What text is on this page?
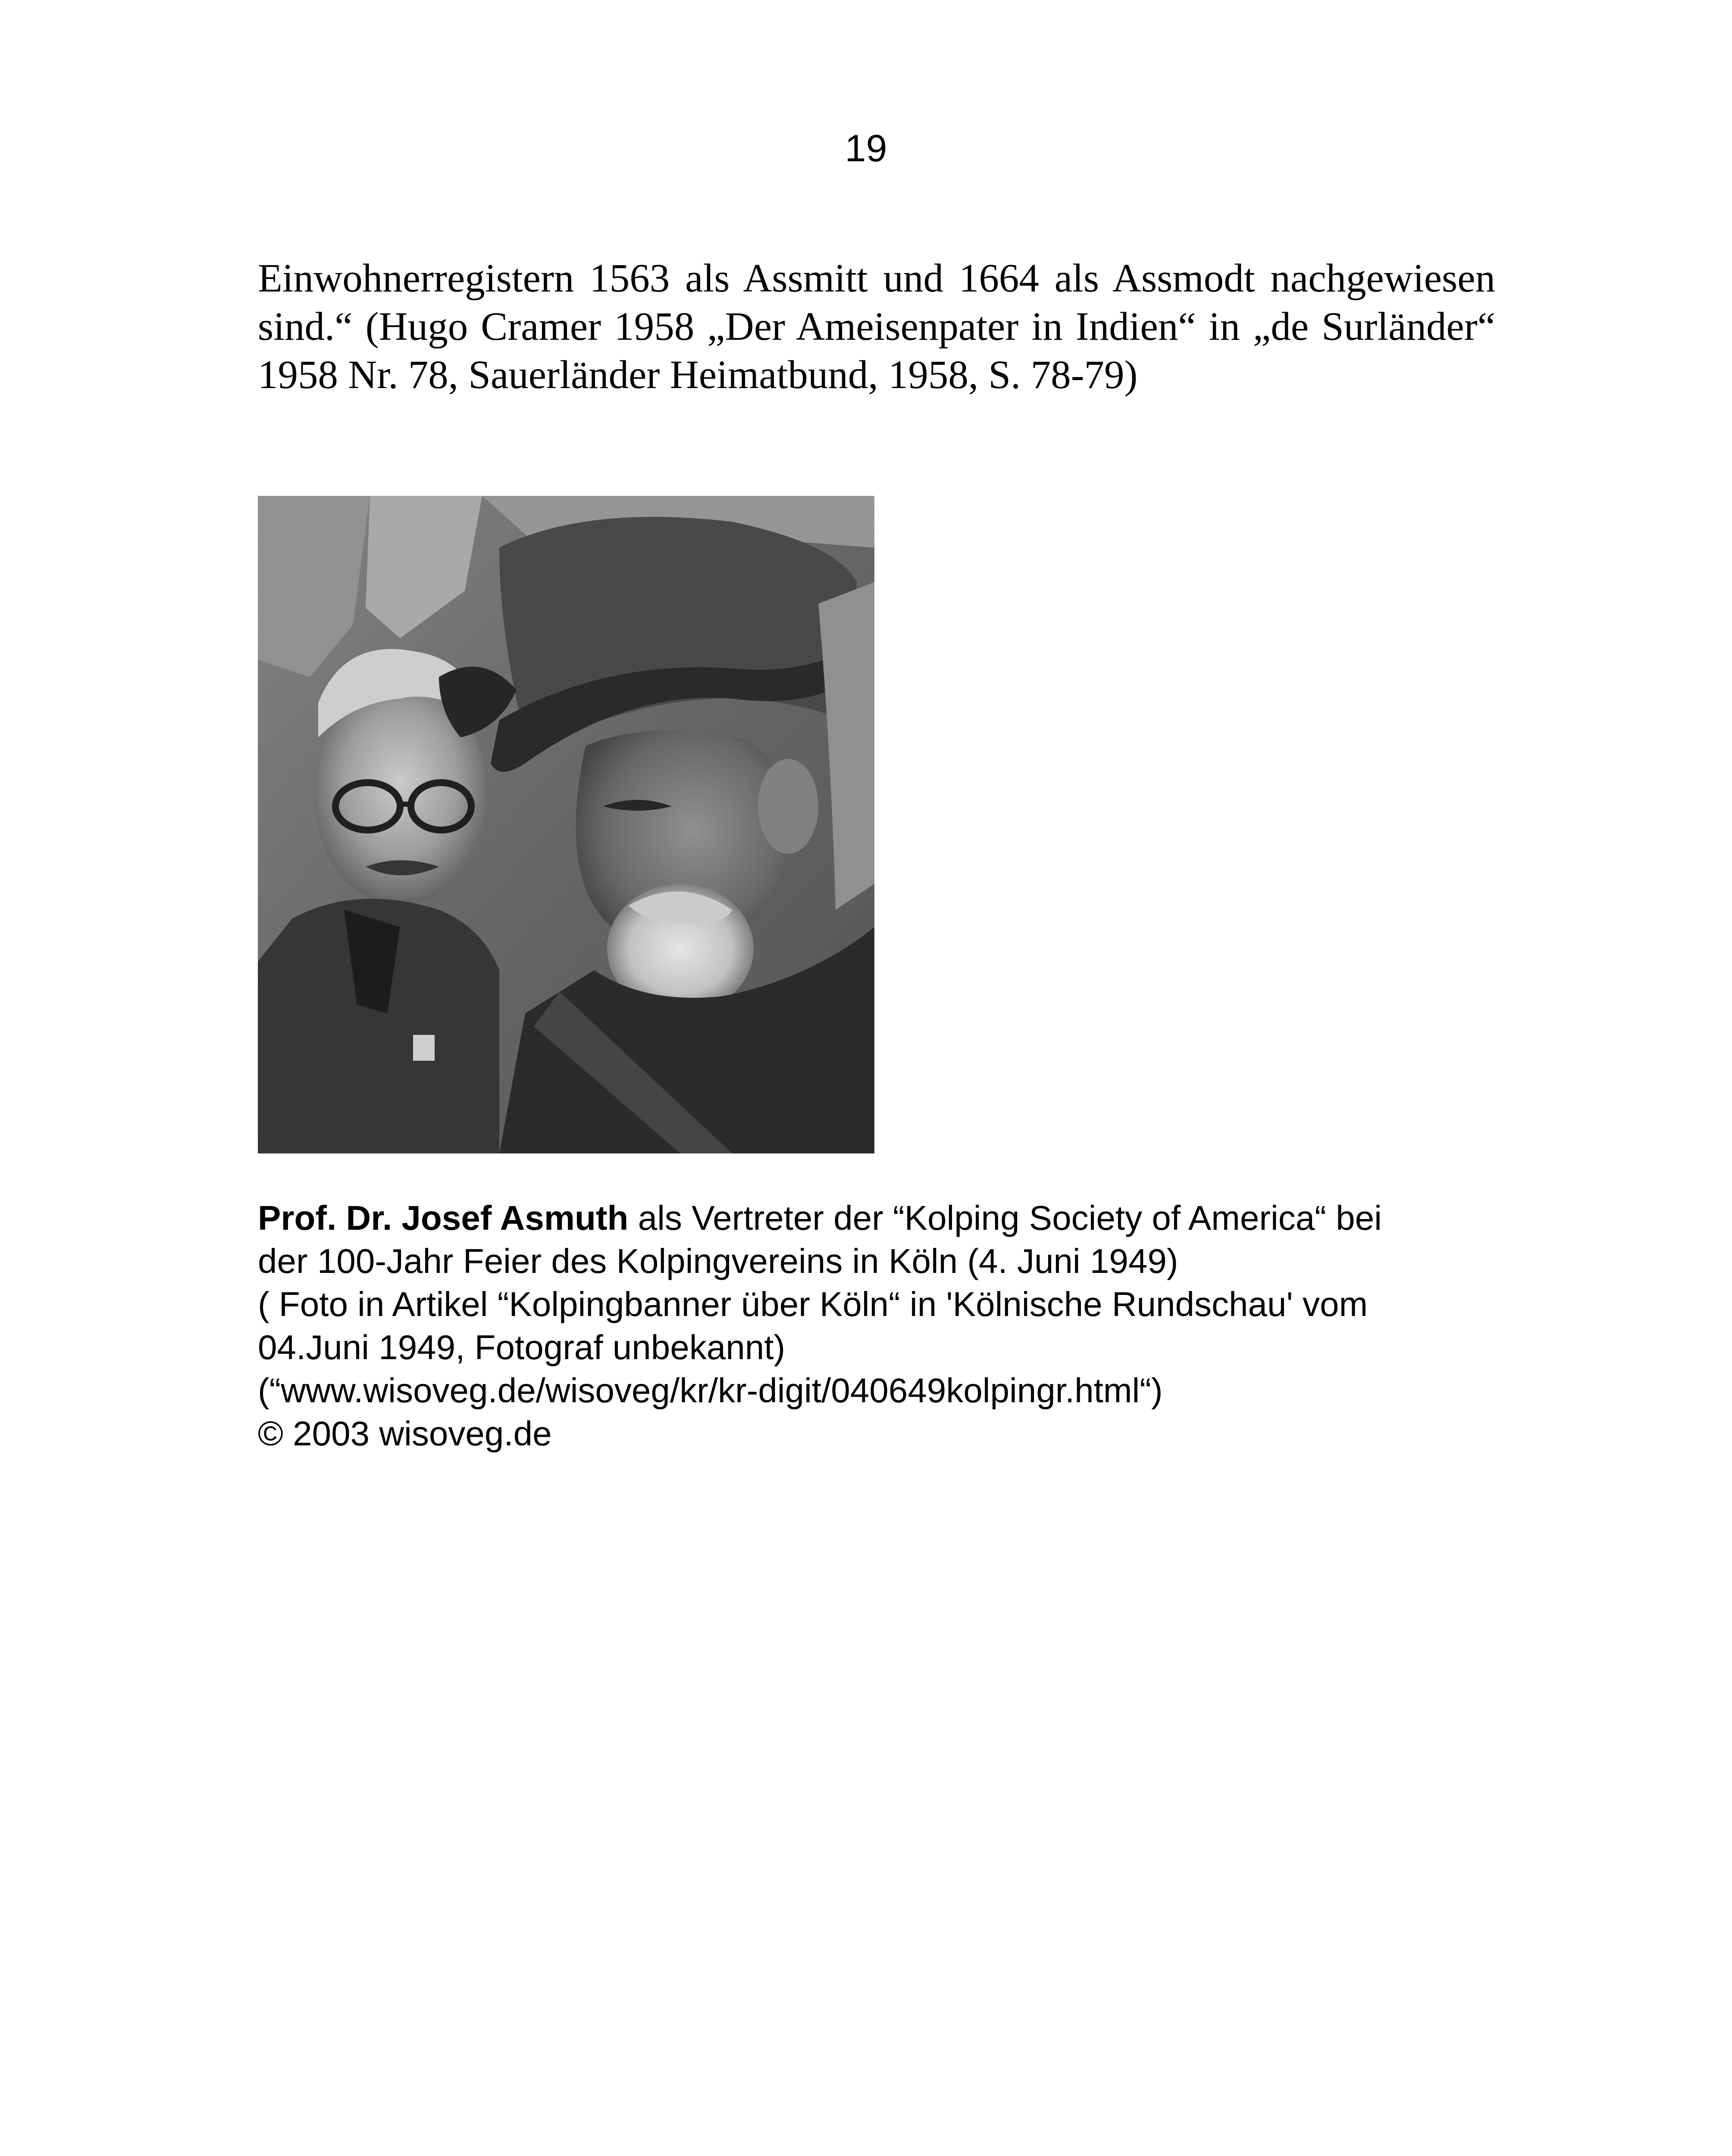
19
Einwohnerregistern 1563 als Assmitt und 1664 als Assmodt nachgewiesen
sind.“ (Hugo Cramer 1958 „Der Ameisenpater in Indien“ in „de Surländer“
1958 Nr. 78, Sauerländer Heimatbund, 1958, S. 78-79)
Prof. Dr. Josef Asmuth als Vertreter der “Kolping Society of America“ bei
der 100-Jahr Feier des Kolpingvereins in Köln (4. Juni 1949)
( Foto in Artikel “Kolpingbanner über Köln“ in 'Kölnische Rundschau' vom
04.Juni 1949, Fotograf unbekannt)
(“www.wisoveg.de/wisoveg/kr/kr-digit/040649kolpingr.html“)
© 2003 wisoveg.de
